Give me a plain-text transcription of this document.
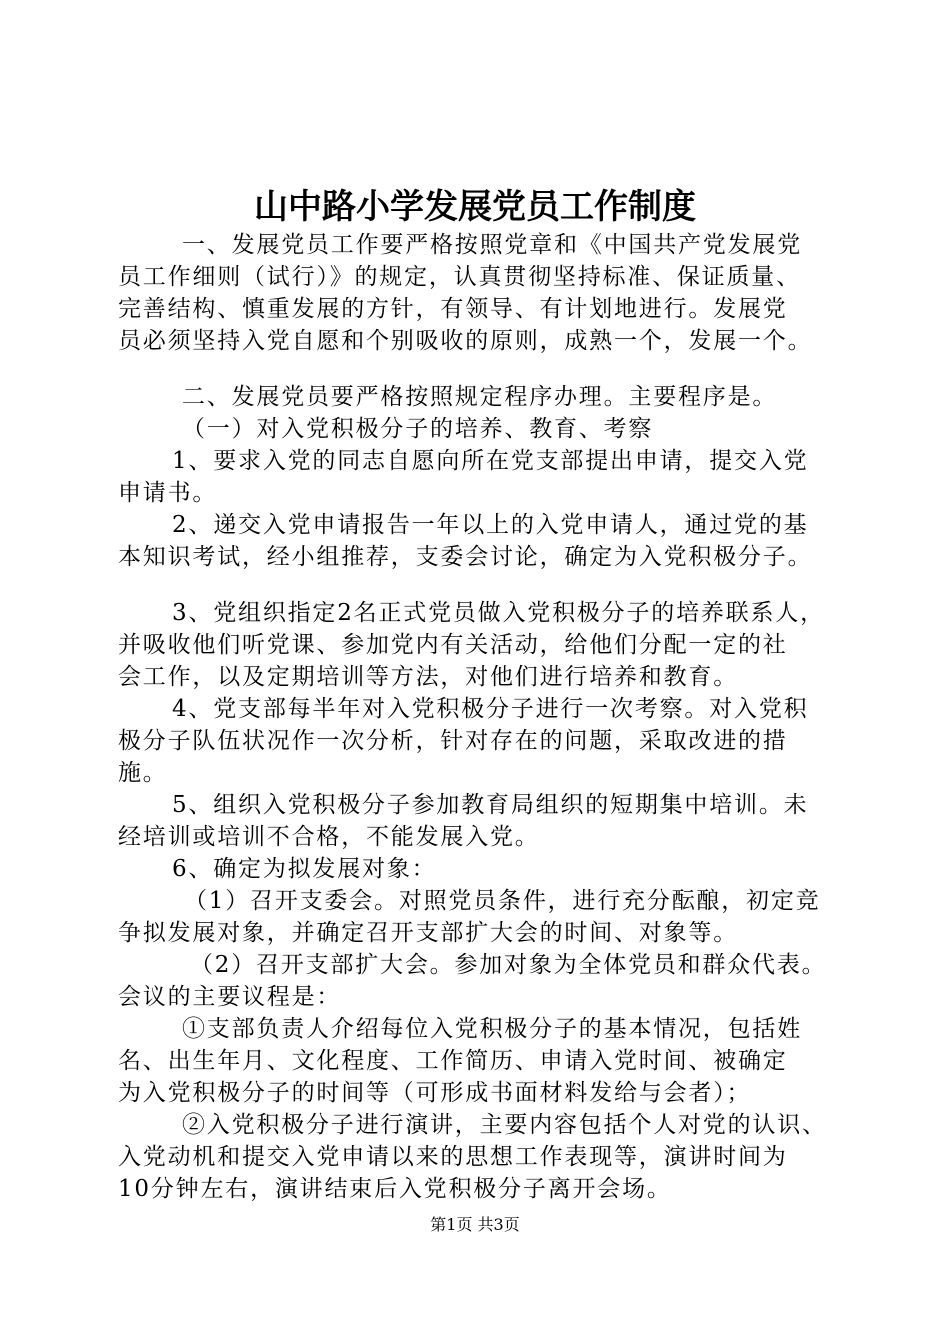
山中路小学发展党员工作制度
一、发展党员工作要严格按照党章和《中国共产党发展党
员工作细则（试行）》的规定，认真贯彻坚持标准、保证质量、
完善结构、慎重发展的方针，有领导、有计划地进行。发展党
员必须坚持入党自愿和个别吸收的原则，成熟一个，发展一个。
二、发展党员要严格按照规定程序办理。主要程序是。
（一）对入党积极分子的培养、教育、考察
1、要求入党的同志自愿向所在党支部提出申请，提交入党
申请书。
2、递交入党申请报告一年以上的入党申请人，通过党的基
本知识考试，经小组推荐，支委会讨论，确定为入党积极分子。
3、党组织指定2名正式党员做入党积极分子的培养联系人，
并吸收他们听党课、参加党内有关活动，给他们分配一定的社
会工作，以及定期培训等方法，对他们进行培养和教育。
4、党支部每半年对入党积极分子进行一次考察。对入党积
极分子队伍状况作一次分析，针对存在的问题，采取改进的措
施。
5、组织入党积极分子参加教育局组织的短期集中培训。未
经培训或培训不合格，不能发展入党。
6、确定为拟发展对象：
（1）召开支委会。对照党员条件，进行充分酝酿，初定竞
争拟发展对象，并确定召开支部扩大会的时间、对象等。
（2）召开支部扩大会。参加对象为全体党员和群众代表。
会议的主要议程是：
①支部负责人介绍每位入党积极分子的基本情况，包括姓
名、出生年月、文化程度、工作简历、申请入党时间、被确定
为入党积极分子的时间等（可形成书面材料发给与会者）；
②入党积极分子进行演讲，主要内容包括个人对党的认识、
入党动机和提交入党申请以来的思想工作表现等，演讲时间为
10分钟左右，演讲结束后入党积极分子离开会场。
第1页 共3页
